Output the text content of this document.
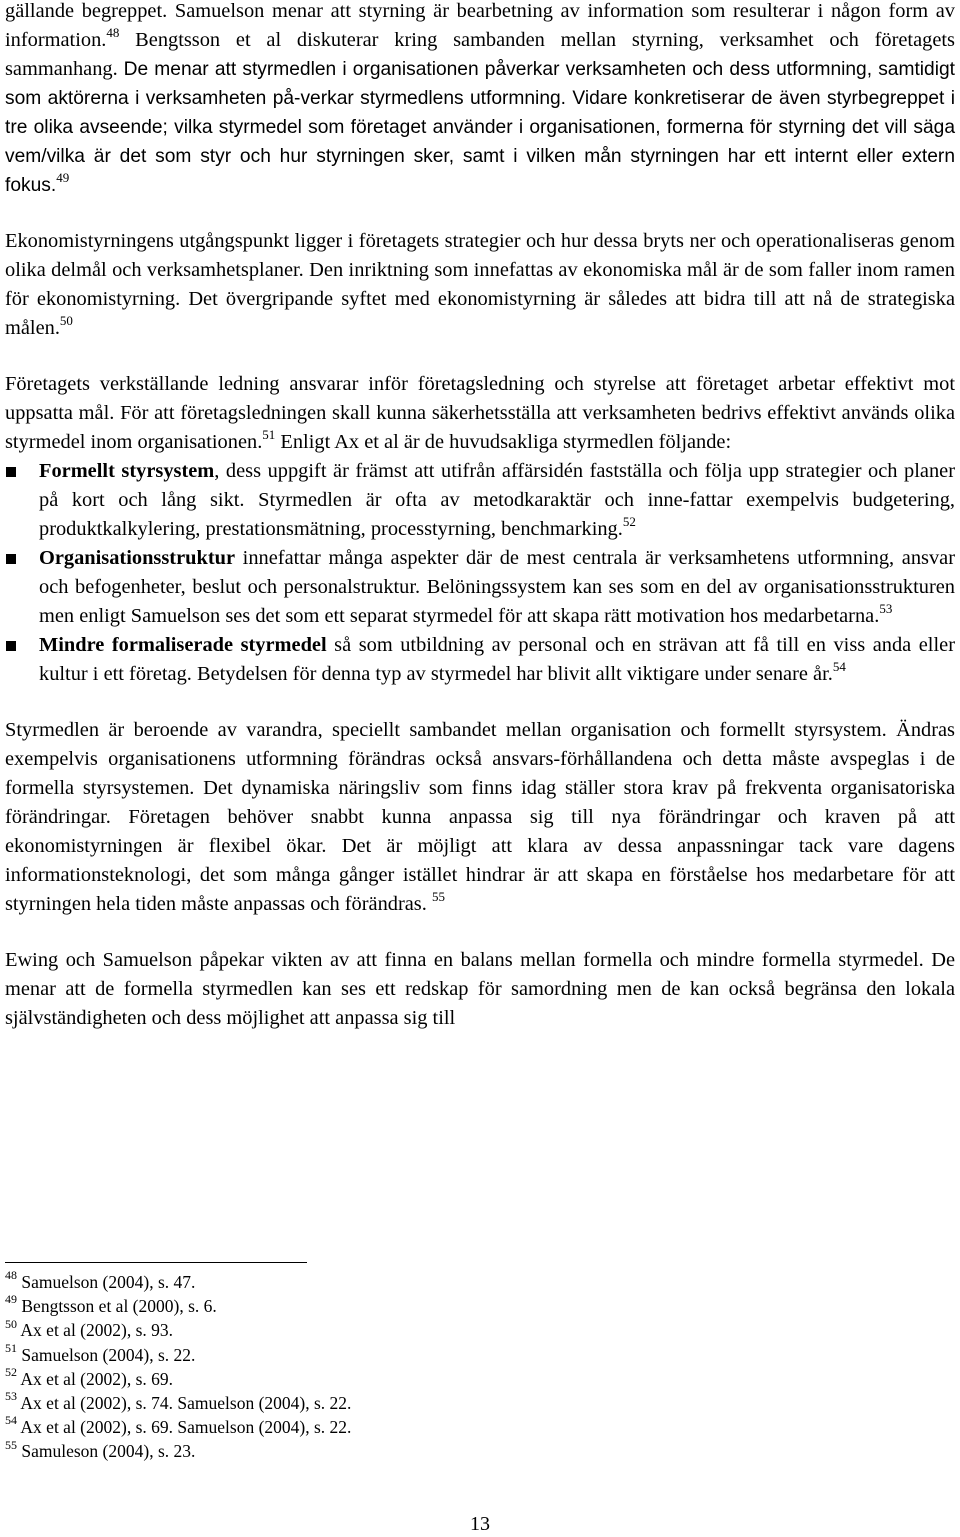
gällande begreppet. Samuelson menar att styrning är bearbetning av information som resulterar i någon form av information.$^{48}$ Bengtsson et al diskuterar kring sambanden mellan styrning, verksamhet och företagets sammanhang. De menar att styrmedlen i organisationen påverkar verksamheten och dess utformning, samtidigt som aktörerna i verksamheten på-verkar styrmedlens utformning. Vidare konkretiserar de även styrbegreppet i tre olika avseende; vilka styrmedel som företaget använder i organisationen, formerna för styrning det vill säga vem/vilka är det som styr och hur styrningen sker, samt i vilken mån styrningen har ett internt eller extern fokus.$^{49}$

Ekonomistyrningens utgångspunkt ligger i företagets strategier och hur dessa bryts ner och operationaliseras genom olika delmål och verksamhetsplaner. Den inriktning som innefattas av ekonomiska mål är de som faller inom ramen för ekonomistyrning. Det övergripande syftet med ekonomistyrning är således att bidra till att nå de strategiska målen.$^{50}$

Företagets verkställande ledning ansvarar inför företagsledning och styrelse att företaget arbetar effektivt mot uppsatta mål. För att företagsledningen skall kunna säkerhetsställa att verksamheten bedrivs effektivt används olika styrmedel inom organisationen.$^{51}$ Enligt Ax et al är de huvudsakliga styrmedlen följande:

Formellt styrsystem, dess uppgift är främst att utifrån affärsidén fastställa och följa upp strategier och planer på kort och lång sikt. Styrmedlen är ofta av metodkaraktär och inne-fattar exempelvis budgetering, produktkalkylering, prestationsmätning, processtyrning, benchmarking.$^{52}$
Organisationsstruktur innefattar många aspekter där de mest centrala är verksamhetens utformning, ansvar och befogenheter, beslut och personalstruktur. Belöningssystem kan ses som en del av organisationsstrukturen men enligt Samuelson ses det som ett separat styrmedel för att skapa rätt motivation hos medarbetarna.$^{53}$
Mindre formaliserade styrmedel så som utbildning av personal och en strävan att få till en viss anda eller kultur i ett företag. Betydelsen för denna typ av styrmedel har blivit allt viktigare under senare år.$^{54}$

Styrmedlen är beroende av varandra, speciellt sambandet mellan organisation och formellt styrsystem. Ändras exempelvis organisationens utformning förändras också ansvars-förhållandena och detta måste avspeglas i de formella styrsystemen. Det dynamiska näringsliv som finns idag ställer stora krav på frekventa organisatoriska förändringar. Företagen behöver snabbt kunna anpassa sig till nya förändringar och kraven på att ekonomistyrningen är flexibel ökar. Det är möjligt att klara av dessa anpassningar tack vare dagens informationsteknologi, det som många gånger istället hindrar är att skapa en förståelse hos medarbetare för att styrningen hela tiden måste anpassas och förändras. $^{55}$

Ewing och Samuelson påpekar vikten av att finna en balans mellan formella och mindre formella styrmedel. De menar att de formella styrmedlen kan ses ett redskap för samordning men de kan också begränsa den lokala självständigheten och dess möjlighet att anpassa sig till

$^{48}$ Samuelson (2004), s. 47.
$^{49}$ Bengtsson et al (2000), s. 6.
$^{50}$ Ax et al (2002), s. 93.
$^{51}$ Samuelson (2004), s. 22.
$^{52}$ Ax et al (2002), s. 69.
$^{53}$ Ax et al (2002), s. 74. Samuelson (2004), s. 22.
$^{54}$ Ax et al (2002), s. 69. Samuelson (2004), s. 22.
$^{55}$ Samuleson (2004), s. 23.
13
